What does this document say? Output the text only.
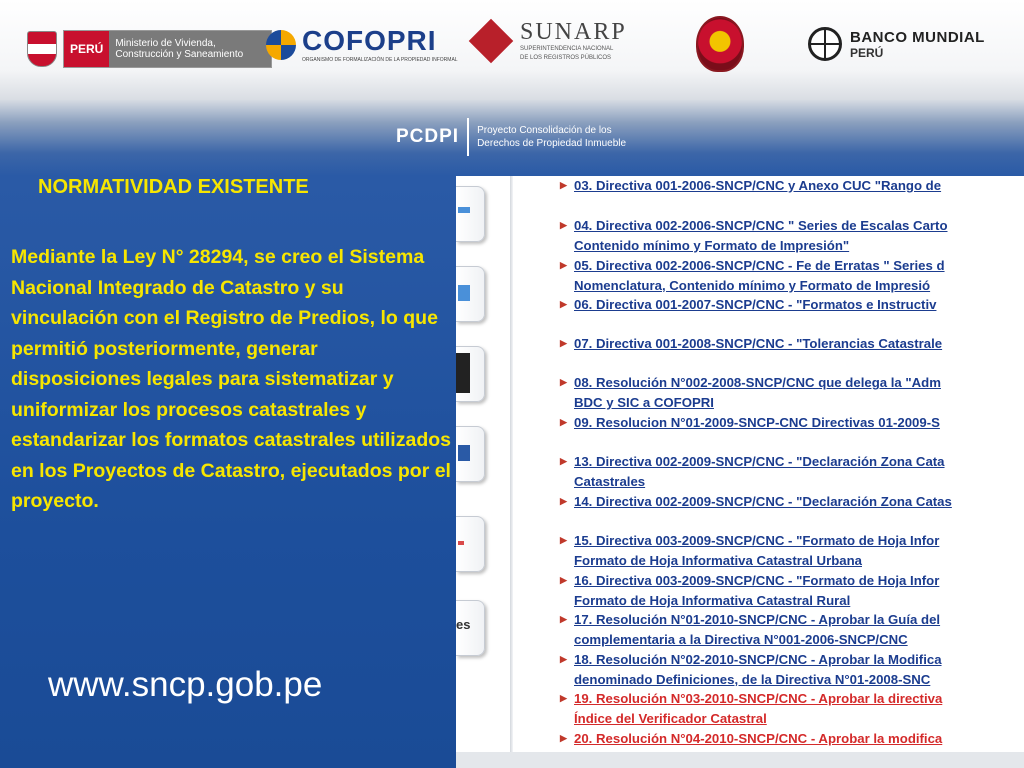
PERÚ	Ministerio de Vivienda, Construcción y Saneamiento	COFOPRI
ORGANISMO DE FORMALIZACIÓN DE LA PROPIEDAD INFORMAL
SUNARP
SUPERINTENDENCIA NACIONAL
DE LOS REGISTROS PÚBLICOS
BANCO MUNDIAL
PERÚ
PCDPI Proyecto Consolidación de los Derechos de Propiedad Inmueble
NORMATIVIDAD EXISTENTE
Mediante la Ley N° 28294, se creo el Sistema Nacional Integrado de Catastro y su vinculación con el Registro de Predios, lo que permitió posteriormente, generar disposiciones legales para sistematizar y uniformizar los procesos catastrales y estandarizar los formatos catastrales utilizados en los Proyectos de Catastro, ejecutados por el proyecto.
www.sncp.gob.pe
es
▶ 03. Directiva 001-2006-SNCP/CNC y Anexo CUC "Rango de
▶ 04. Directiva 002-2006-SNCP/CNC " Series de Escalas Carto
Contenido mínimo y Formato de Impresión"
▶ 05. Directiva 002-2006-SNCP/CNC - Fe de Erratas " Series d
Nomenclatura, Contenido mínimo y Formato de Impresió
▶ 06. Directiva 001-2007-SNCP/CNC - "Formatos e Instructiv
▶ 07. Directiva 001-2008-SNCP/CNC - "Tolerancias Catastrale
▶ 08. Resolución N°002-2008-SNCP/CNC que delega la "Adm
BDC y SIC a COFOPRI
▶ 09. Resolucion N°01-2009-SNCP-CNC Directivas 01-2009-S
▶ 13. Directiva 002-2009-SNCP/CNC - "Declaración Zona Cata
Catastrales
▶ 14. Directiva 002-2009-SNCP/CNC - "Declaración Zona Catas
▶ 15. Directiva 003-2009-SNCP/CNC - "Formato de Hoja Infor
Formato de Hoja Informativa Catastral Urbana
▶ 16. Directiva 003-2009-SNCP/CNC - "Formato de Hoja Infor
Formato de Hoja Informativa Catastral Rural
▶ 17. Resolución N°01-2010-SNCP/CNC - Aprobar la Guía del
complementaria a la Directiva N°001-2006-SNCP/CNC
▶ 18. Resolución N°02-2010-SNCP/CNC - Aprobar la Modifica
denominado Definiciones, de la Directiva N°01-2008-SNC
▶ 19. Resolución N°03-2010-SNCP/CNC - Aprobar la directiva
Índice del Verificador Catastral
▶ 20. Resolución N°04-2010-SNCP/CNC - Aprobar la modifica
